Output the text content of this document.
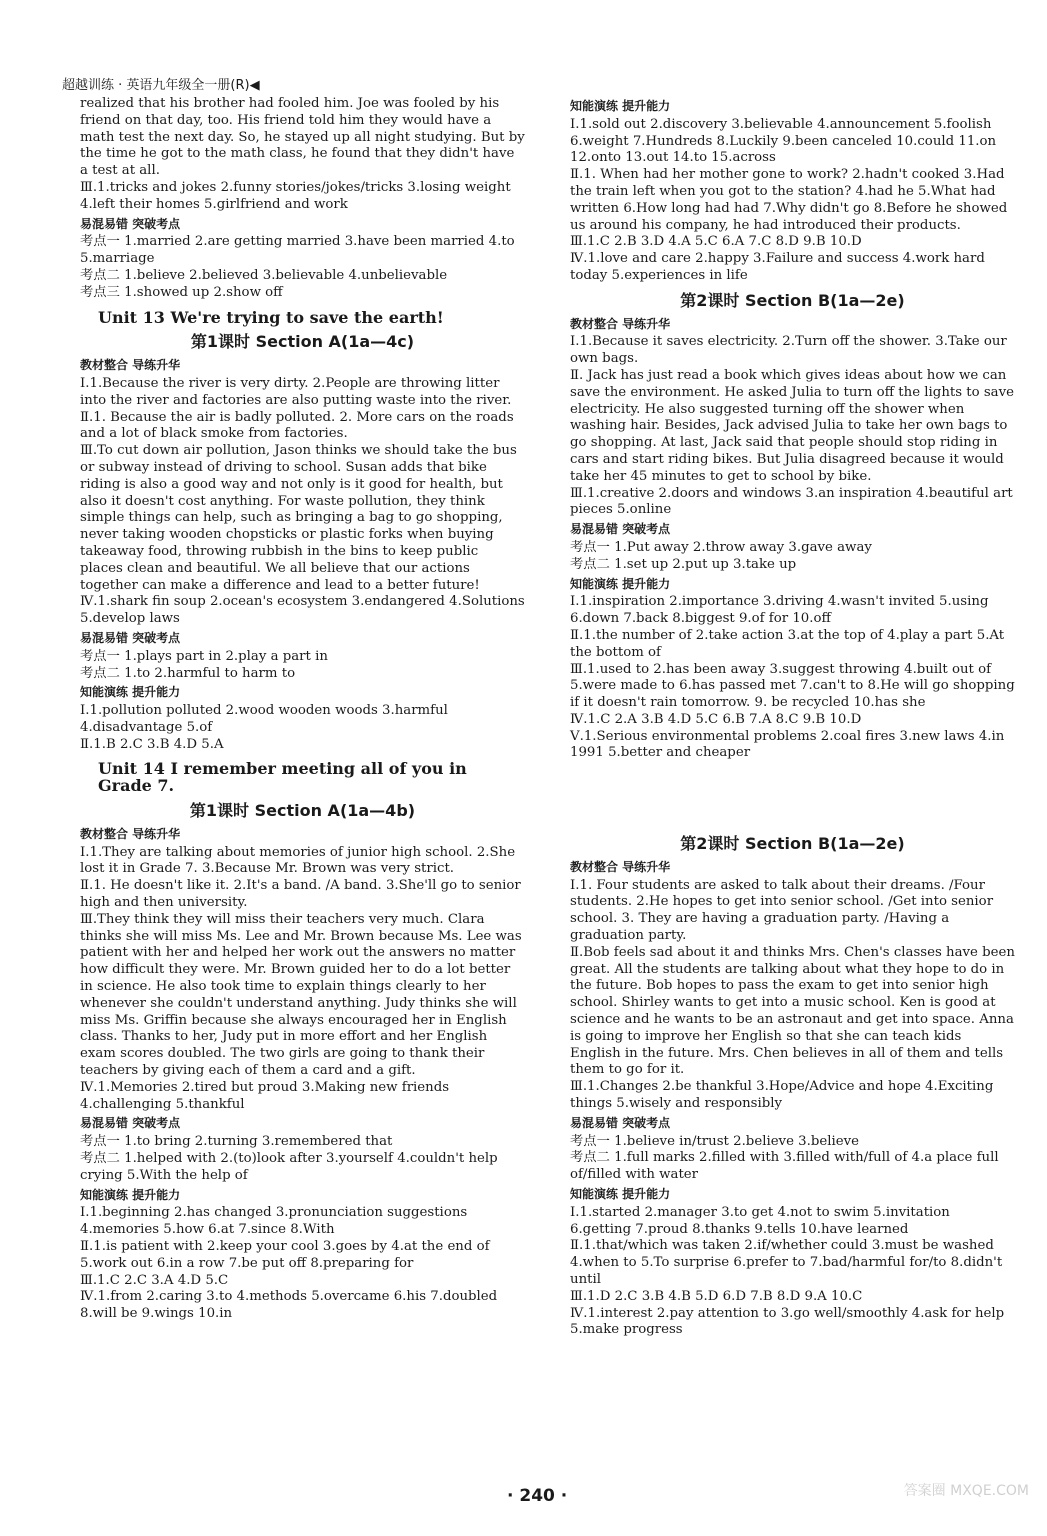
超越训练 · 英语九年级全一册(R)◀
realized that his brother had fooled him. Joe was fooled by his friend on that day, too. His friend told him they would have a math test the next day. So, he stayed up all night studying. But by the time he got to the math class, he found that they didn't have a test at all.
Ⅲ.1.tricks and jokes 2.funny stories/jokes/tricks 3.losing weight 4.left their homes 5.girlfriend and work
易混易错 突破考点
考点一 1.married 2.are getting married 3.have been married 4.to 5.marriage
考点二 1.believe 2.believed 3.believable 4.unbelievable
考点三 1.showed up 2.show off
Unit 13 We're trying to save the earth!
第1课时 Section A(1a—4c)
教材整合 导练升华
Ⅰ.1.Because the river is very dirty. 2.People are throwing litter into the river and factories are also putting waste into the river.
Ⅱ.1. Because the air is badly polluted. 2. More cars on the roads and a lot of black smoke from factories.
Ⅲ.To cut down air pollution, Jason thinks we should take the bus or subway instead of driving to school. Susan adds that bike riding is also a good way and not only is it good for health, but also it doesn't cost anything. For waste pollution, they think simple things can help, such as bringing a bag to go shopping, never taking wooden chopsticks or plastic forks when buying takeaway food, throwing rubbish in the bins to keep public places clean and beautiful. We all believe that our actions together can make a difference and lead to a better future!
Ⅳ.1.shark fin soup 2.ocean's ecosystem 3.endangered 4.Solutions 5.develop laws
易混易错 突破考点
考点一 1.plays part in 2.play a part in
考点二 1.to 2.harmful to harm to
知能演练 提升能力
Ⅰ.1.pollution polluted 2.wood wooden woods 3.harmful 4.disadvantage 5.of
Ⅱ.1.B 2.C 3.B 4.D 5.A
Unit 14 I remember meeting all of you in Grade 7.
第1课时 Section A(1a—4b)
教材整合 导练升华
Ⅰ.1.They are talking about memories of junior high school. 2.She lost it in Grade 7. 3.Because Mr. Brown was very strict.
Ⅱ.1. He doesn't like it. 2.It's a band. /A band. 3.She'll go to senior high and then university.
Ⅲ.They think they will miss their teachers very much. Clara thinks she will miss Ms. Lee and Mr. Brown because Ms. Lee was patient with her and helped her work out the answers no matter how difficult they were. Mr. Brown guided her to do a lot better in science. He also took time to explain things clearly to her whenever she couldn't understand anything. Judy thinks she will miss Ms. Griffin because she always encouraged her in English class. Thanks to her, Judy put in more effort and her English exam scores doubled. The two girls are going to thank their teachers by giving each of them a card and a gift.
Ⅳ.1.Memories 2.tired but proud 3.Making new friends 4.challenging 5.thankful
易混易错 突破考点
考点一 1.to bring 2.turning 3.remembered that
考点二 1.helped with 2.(to)look after 3.yourself 4.couldn't help crying 5.With the help of
知能演练 提升能力
Ⅰ.1.beginning 2.has changed 3.pronunciation suggestions 4.memories 5.how 6.at 7.since 8.With
Ⅱ.1.is patient with 2.keep your cool 3.goes by 4.at the end of 5.work out 6.in a row 7.be put off 8.preparing for
Ⅲ.1.C 2.C 3.A 4.D 5.C
Ⅳ.1.from 2.caring 3.to 4.methods 5.overcame 6.his 7.doubled 8.will be 9.wings 10.in
知能演练 提升能力
Ⅰ.1.sold out 2.discovery 3.believable 4.announcement 5.foolish 6.weight 7.Hundreds 8.Luckily 9.been canceled 10.could 11.on 12.onto 13.out 14.to 15.across
Ⅱ.1. When had her mother gone to work? 2.hadn't cooked 3.Had the train left when you got to the station? 4.had he 5.What had written 6.How long had had 7.Why didn't go 8.Before he showed us around his company, he had introduced their products.
Ⅲ.1.C 2.B 3.D 4.A 5.C 6.A 7.C 8.D 9.B 10.D
Ⅳ.1.love and care 2.happy 3.Failure and success 4.work hard today 5.experiences in life
第2课时 Section B(1a—2e)
教材整合 导练升华
Ⅰ.1.Because it saves electricity. 2.Turn off the shower. 3.Take our own bags.
Ⅱ. Jack has just read a book which gives ideas about how we can save the environment. He asked Julia to turn off the lights to save electricity. He also suggested turning off the shower when washing hair. Besides, Jack advised Julia to take her own bags to go shopping. At last, Jack said that people should stop riding in cars and start riding bikes. But Julia disagreed because it would take her 45 minutes to get to school by bike.
Ⅲ.1.creative 2.doors and windows 3.an inspiration 4.beautiful art pieces 5.online
易混易错 突破考点
考点一 1.Put away 2.throw away 3.gave away
考点二 1.set up 2.put up 3.take up
知能演练 提升能力
Ⅰ.1.inspiration 2.importance 3.driving 4.wasn't invited 5.using 6.down 7.back 8.biggest 9.of for 10.off
Ⅱ.1.the number of 2.take action 3.at the top of 4.play a part 5.At the bottom of
Ⅲ.1.used to 2.has been away 3.suggest throwing 4.built out of 5.were made to 6.has passed met 7.can't to 8.He will go shopping if it doesn't rain tomorrow. 9. be recycled 10.has she
Ⅳ.1.C 2.A 3.B 4.D 5.C 6.B 7.A 8.C 9.B 10.D
Ⅴ.1.Serious environmental problems 2.coal fires 3.new laws 4.in 1991 5.better and cheaper
第2课时 Section B(1a—2e)
教材整合 导练升华
Ⅰ.1. Four students are asked to talk about their dreams. /Four students. 2.He hopes to get into senior school. /Get into senior school. 3. They are having a graduation party. /Having a graduation party.
Ⅱ.Bob feels sad about it and thinks Mrs. Chen's classes have been great. All the students are talking about what they hope to do in the future. Bob hopes to pass the exam to get into senior high school. Shirley wants to get into a music school. Ken is good at science and he wants to be an astronaut and get into space. Anna is going to improve her English so that she can teach kids English in the future. Mrs. Chen believes in all of them and tells them to go for it.
Ⅲ.1.Changes 2.be thankful 3.Hope/Advice and hope 4.Exciting things 5.wisely and responsibly
易混易错 突破考点
考点一 1.believe in/trust 2.believe 3.believe
考点二 1.full marks 2.filled with 3.filled with/full of 4.a place full of/filled with water
知能演练 提升能力
Ⅰ.1.started 2.manager 3.to get 4.not to swim 5.invitation 6.getting 7.proud 8.thanks 9.tells 10.have learned
Ⅱ.1.that/which was taken 2.if/whether could 3.must be washed 4.when to 5.To surprise 6.prefer to 7.bad/harmful for/to 8.didn't until
Ⅲ.1.D 2.C 3.B 4.B 5.D 6.D 7.B 8.D 9.A 10.C
Ⅳ.1.interest 2.pay attention to 3.go well/smoothly 4.ask for help 5.make progress
· 240 ·	答案圈 MXQE.COM
